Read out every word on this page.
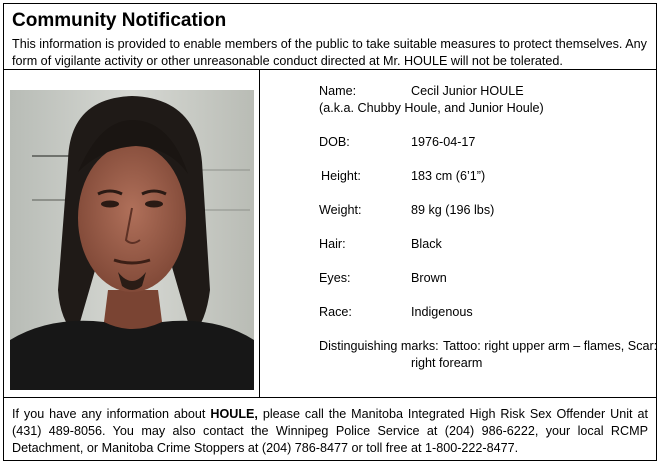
Community Notification
This information is provided to enable members of the public to take suitable measures to protect themselves. Any form of vigilante activity or other unreasonable conduct directed at Mr. HOULE will not be tolerated.
Name:	Cecil Junior HOULE
(a.k.a. Chubby Houle, and Junior Houle)
DOB:	1976-04-17
Height:	183 cm (6’1”)
Weight:	89 kg (196 lbs)
Hair:	Black
Eyes:	Brown
Race:	Indigenous
Distinguishing marks: Tattoo: right upper arm – flames, Scar:
right forearm
If you have any information about HOULE, please call the Manitoba Integrated High Risk Sex Offender Unit at (431) 489-8056. You may also contact the Winnipeg Police Service at (204) 986-6222, your local RCMP Detachment, or Manitoba Crime Stoppers at (204) 786-8477 or toll free at 1-800-222-8477.
